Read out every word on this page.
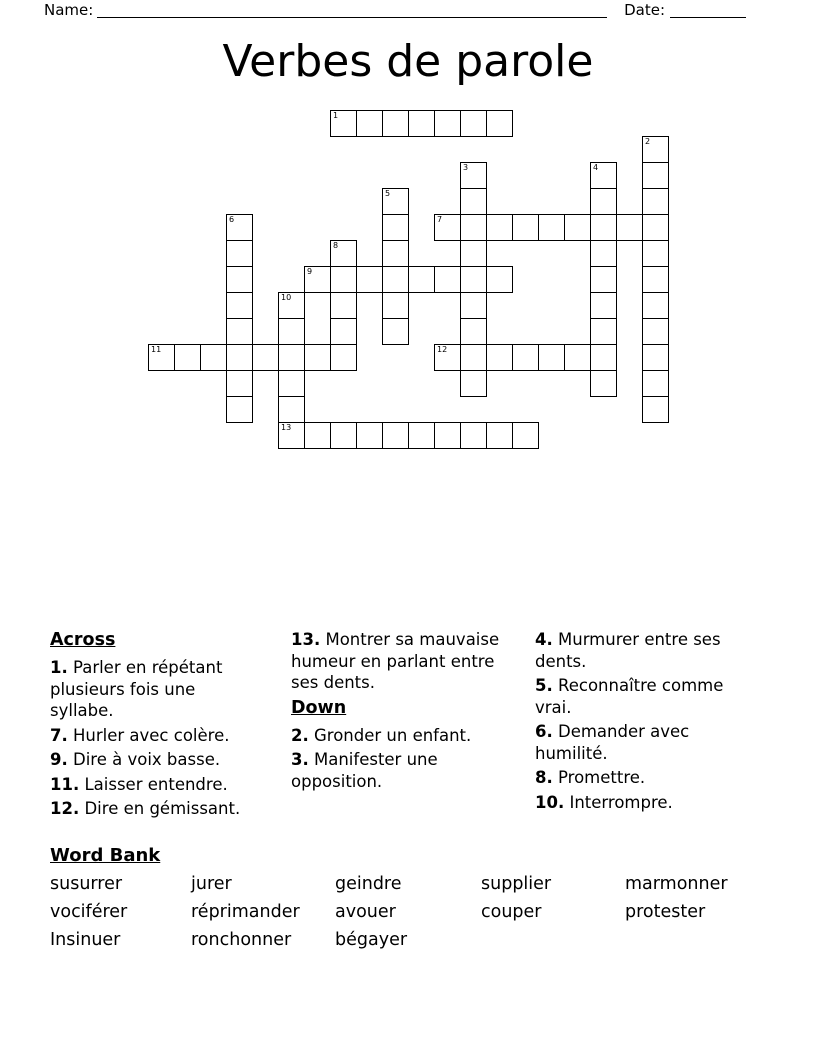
Name:	Date:
Verbes de parole
1
2
3	4
5
6	7
8
9
10
13
11	12
Across
1. Parler en répétant plusieurs fois une syllabe.
7. Hurler avec colère.
9. Dire à voix basse.
11. Laisser entendre.
12. Dire en gémissant.
13. Montrer sa mauvaise humeur en parlant entre ses dents.
Down
2. Gronder un enfant.
3. Manifester une opposition.
4. Murmurer entre ses dents.
5. Reconnaître comme vrai.
6. Demander avec humilité.
8. Promettre.
10. Interrompre.
Word Bank
susurrer	jurer	geindre	supplier	marmonner
vociférer	réprimander	avouer	couper	protester
Insinuer	ronchonner	bégayer
